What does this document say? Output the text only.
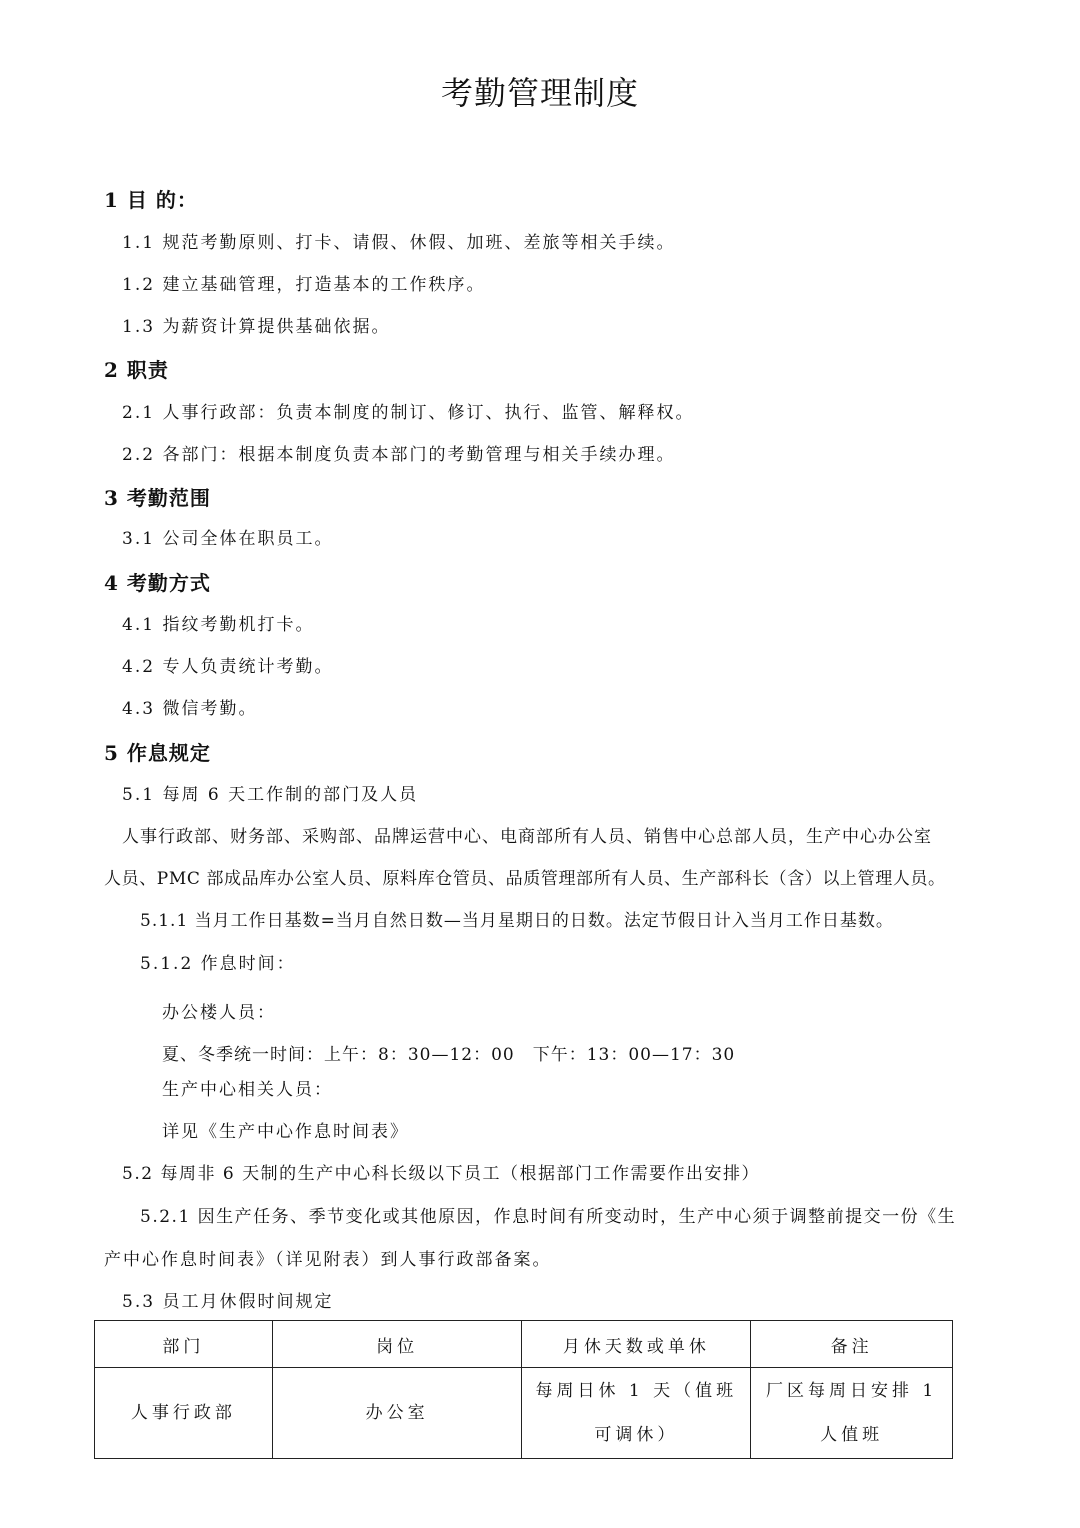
考勤管理制度
1 目 的：
1.1 规范考勤原则、打卡、请假、休假、加班、差旅等相关手续。
1.2 建立基础管理，打造基本的工作秩序。
1.3 为薪资计算提供基础依据。
2 职责
2.1 人事行政部：负责本制度的制订、修订、执行、监管、解释权。
2.2 各部门：根据本制度负责本部门的考勤管理与相关手续办理。
3 考勤范围
3.1 公司全体在职员工。
4 考勤方式
4.1 指纹考勤机打卡。
4.2 专人负责统计考勤。
4.3 微信考勤。
5 作息规定
5.1 每周 6 天工作制的部门及人员
人事行政部、财务部、采购部、品牌运营中心、电商部所有人员、销售中心总部人员，生产中心办公室
人员、PMC 部成品库办公室人员、原料库仓管员、品质管理部所有人员、生产部科长（含）以上管理人员。
5.1.1 当月工作日基数=当月自然日数—当月星期日的日数。法定节假日计入当月工作日基数。
5.1.2 作息时间：
办公楼人员：
夏、冬季统一时间：上午：8：30—12：00　下午：13：00—17：30
生产中心相关人员：
详见《生产中心作息时间表》
5.2 每周非 6 天制的生产中心科长级以下员工（根据部门工作需要作出安排）
5.2.1 因生产任务、季节变化或其他原因，作息时间有所变动时，生产中心须于调整前提交一份《生
产中心作息时间表》（详见附表）到人事行政部备案。
5.3 员工月休假时间规定
部门	岗位	月休天数或单休	备注
人事行政部	办公室	每周日休 1 天（值班可调休）	厂区每周日安排 1 人值班
